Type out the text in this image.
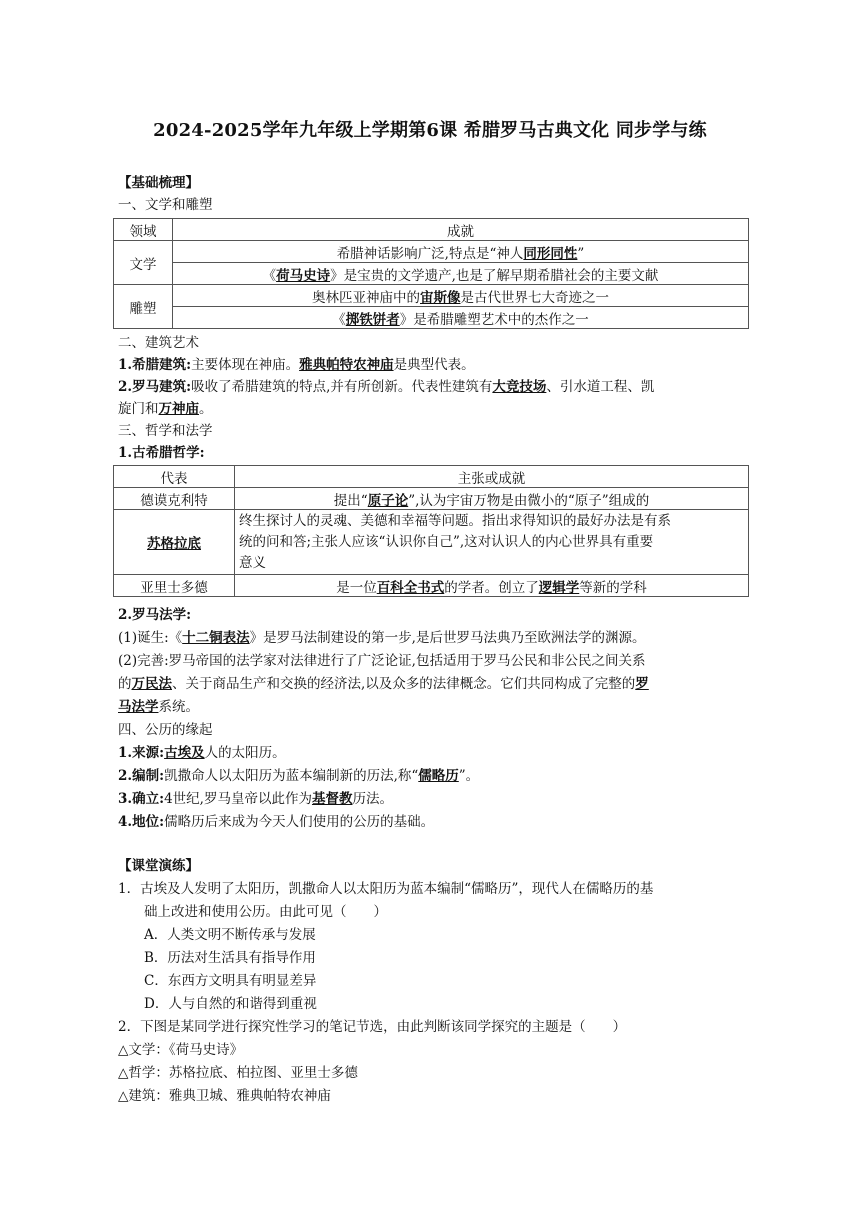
2024-2025学年九年级上学期第6课 希腊罗马古典文化 同步学与练
【基础梳理】
一、文学和雕塑
领域	成就
文学	希腊神话影响广泛,特点是“神人同形同性”
	《荷马史诗》是宝贵的文学遗产,也是了解早期希腊社会的主要文献
雕塑	奥林匹亚神庙中的宙斯像是古代世界七大奇迹之一
	《掷铁饼者》是希腊雕塑艺术中的杰作之一
二、建筑艺术
1.希腊建筑:主要体现在神庙。雅典帕特农神庙是典型代表。
2.罗马建筑:吸收了希腊建筑的特点,并有所创新。代表性建筑有大竞技场、引水道工程、凯
旋门和万神庙。
三、哲学和法学
1.古希腊哲学:
代表	主张或成就
德谟克利特	提出“原子论”,认为宇宙万物是由微小的“原子”组成的
苏格拉底	终生探讨人的灵魂、美德和幸福等问题。指出求得知识的最好办法是有系
统的问和答;主张人应该“认识你自己”,这对认识人的内心世界具有重要
意义

亚里士多德	是一位百科全书式的学者。创立了逻辑学等新的学科
2.罗马法学:
(1)诞生:《十二铜表法》是罗马法制建设的第一步,是后世罗马法典乃至欧洲法学的渊源。
(2)完善:罗马帝国的法学家对法律进行了广泛论证,包括适用于罗马公民和非公民之间关系
的万民法、关于商品生产和交换的经济法,以及众多的法律概念。它们共同构成了完整的罗
马法学系统。
四、公历的缘起
1.来源:古埃及人的太阳历。
2.编制:凯撒命人以太阳历为蓝本编制新的历法,称“儒略历”。
3.确立:4世纪,罗马皇帝以此作为基督教历法。
4.地位:儒略历后来成为今天人们使用的公历的基础。
【课堂演练】
1．古埃及人发明了太阳历，凯撒命人以太阳历为蓝本编制“儒略历”，现代人在儒略历的基
础上改进和使用公历。由此可见（　　）
A．人类文明不断传承与发展
B．历法对生活具有指导作用
C．东西方文明具有明显差异
D．人与自然的和谐得到重视
2．下图是某同学进行探究性学习的笔记节选，由此判断该同学探究的主题是（　　）
△文学：《荷马史诗》
△哲学：苏格拉底、柏拉图、亚里士多德
△建筑：雅典卫城、雅典帕特农神庙
